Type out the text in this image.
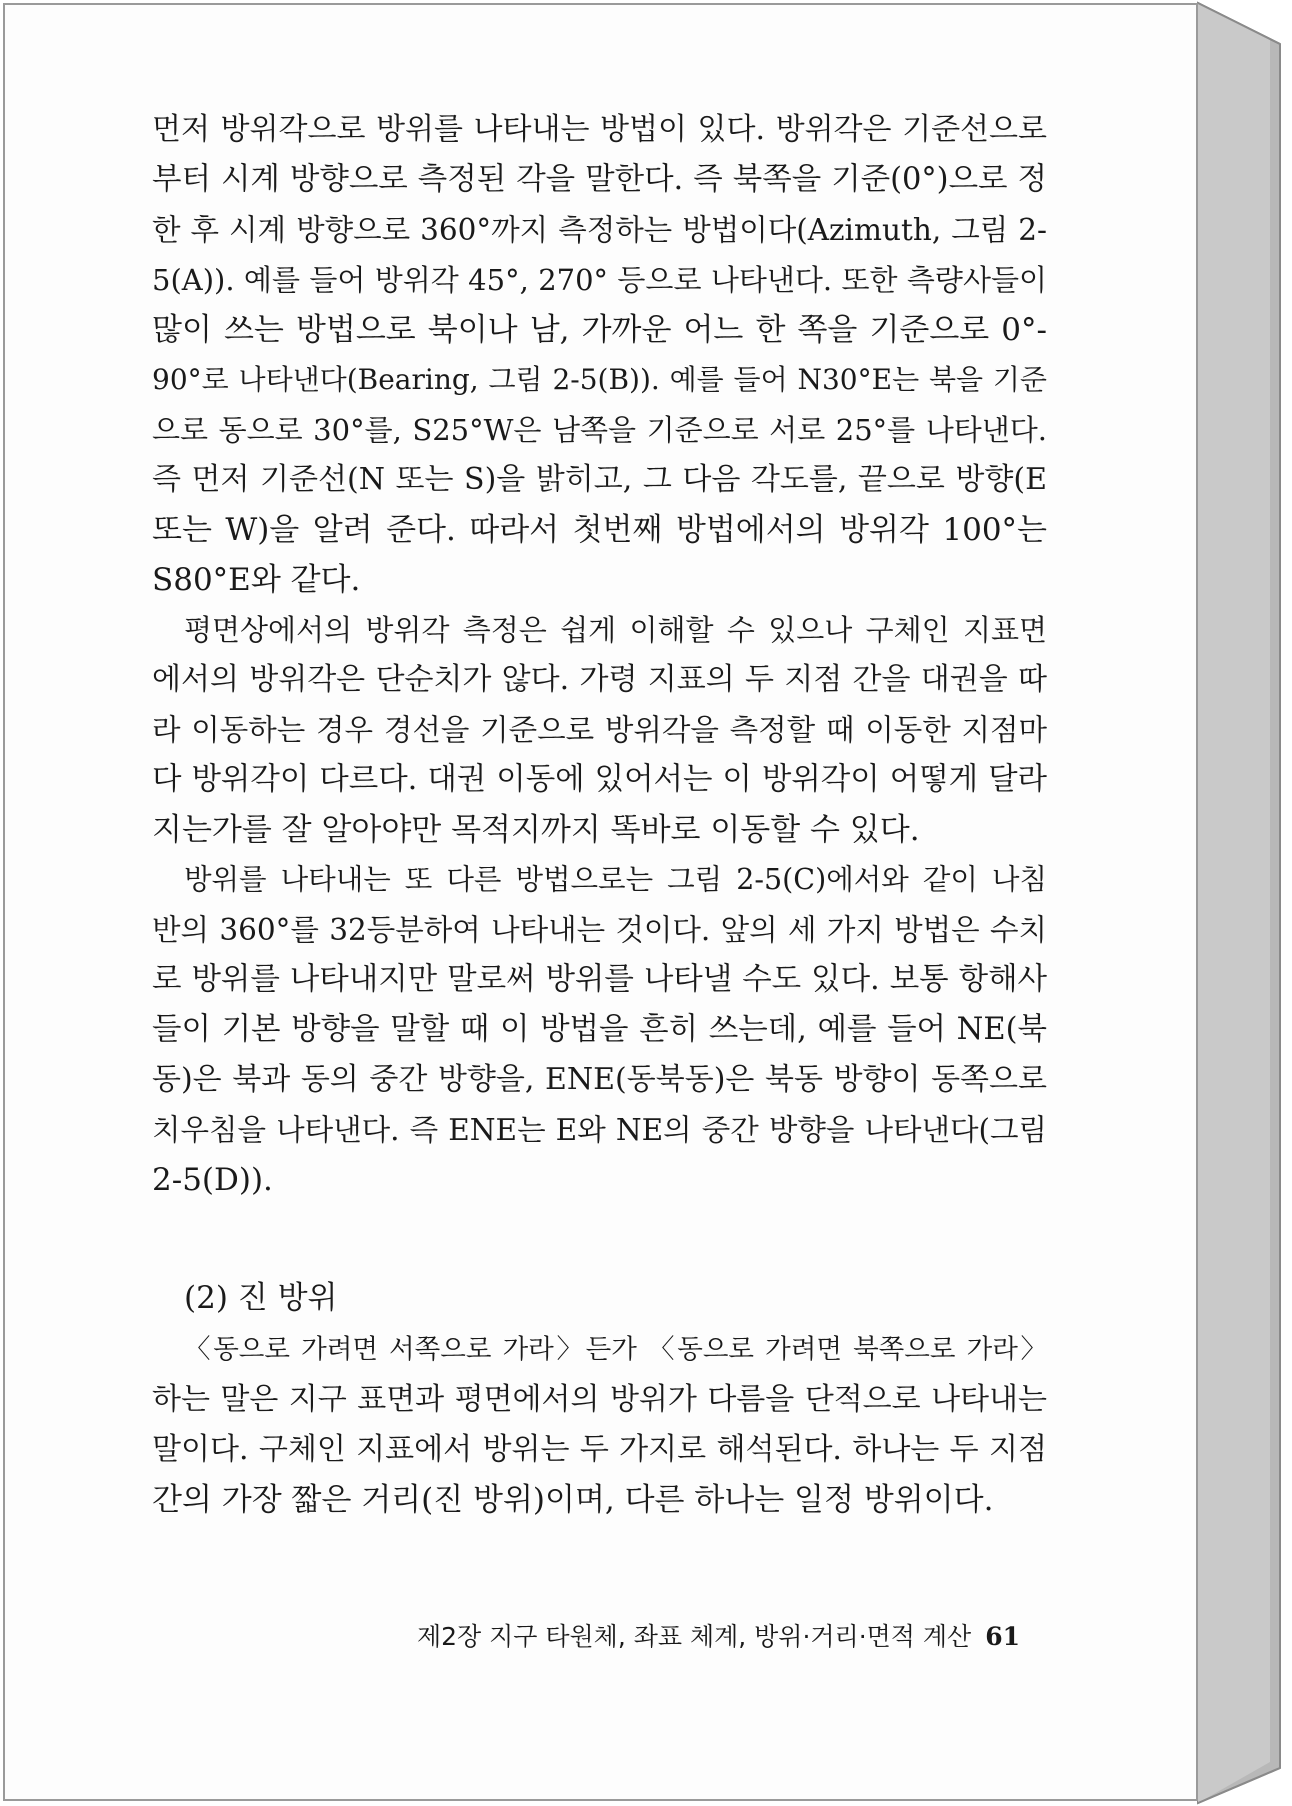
먼저 방위각으로 방위를 나타내는 방법이 있다. 방위각은 기준선으로
부터 시계 방향으로 측정된 각을 말한다. 즉 북쪽을 기준(0°)으로 정
한 후 시계 방향으로 360°까지 측정하는 방법이다(Azimuth, 그림 2-
5(A)). 예를 들어 방위각 45°, 270° 등으로 나타낸다. 또한 측량사들이
많이 쓰는 방법으로 북이나 남, 가까운 어느 한 쪽을 기준으로 0°-
90°로 나타낸다(Bearing, 그림 2-5(B)). 예를 들어 N30°E는 북을 기준
으로 동으로 30°를, S25°W은 남쪽을 기준으로 서로 25°를 나타낸다.
즉 먼저 기준선(N 또는 S)을 밝히고, 그 다음 각도를, 끝으로 방향(E
또는 W)을 알려 준다. 따라서 첫번째 방법에서의 방위각 100°는
S80°E와 같다.
평면상에서의 방위각 측정은 쉽게 이해할 수 있으나 구체인 지표면
에서의 방위각은 단순치가 않다. 가령 지표의 두 지점 간을 대권을 따
라 이동하는 경우 경선을 기준으로 방위각을 측정할 때 이동한 지점마
다 방위각이 다르다. 대권 이동에 있어서는 이 방위각이 어떻게 달라
지는가를 잘 알아야만 목적지까지 똑바로 이동할 수 있다.
방위를 나타내는 또 다른 방법으로는 그림 2-5(C)에서와 같이 나침
반의 360°를 32등분하여 나타내는 것이다. 앞의 세 가지 방법은 수치
로 방위를 나타내지만 말로써 방위를 나타낼 수도 있다. 보통 항해사
들이 기본 방향을 말할 때 이 방법을 흔히 쓰는데, 예를 들어 NE(북
동)은 북과 동의 중간 방향을, ENE(동북동)은 북동 방향이 동쪽으로
치우침을 나타낸다. 즉 ENE는 E와 NE의 중간 방향을 나타낸다(그림
2-5(D)).
(2) 진 방위
〈동으로 가려면 서쪽으로 가라〉든가 〈동으로 가려면 북쪽으로 가라〉
하는 말은 지구 표면과 평면에서의 방위가 다름을 단적으로 나타내는
말이다. 구체인 지표에서 방위는 두 가지로 해석된다. 하나는 두 지점
간의 가장 짧은 거리(진 방위)이며, 다른 하나는 일정 방위이다.
제2장 지구 타원체, 좌표 체계, 방위·거리·면적 계산 61
